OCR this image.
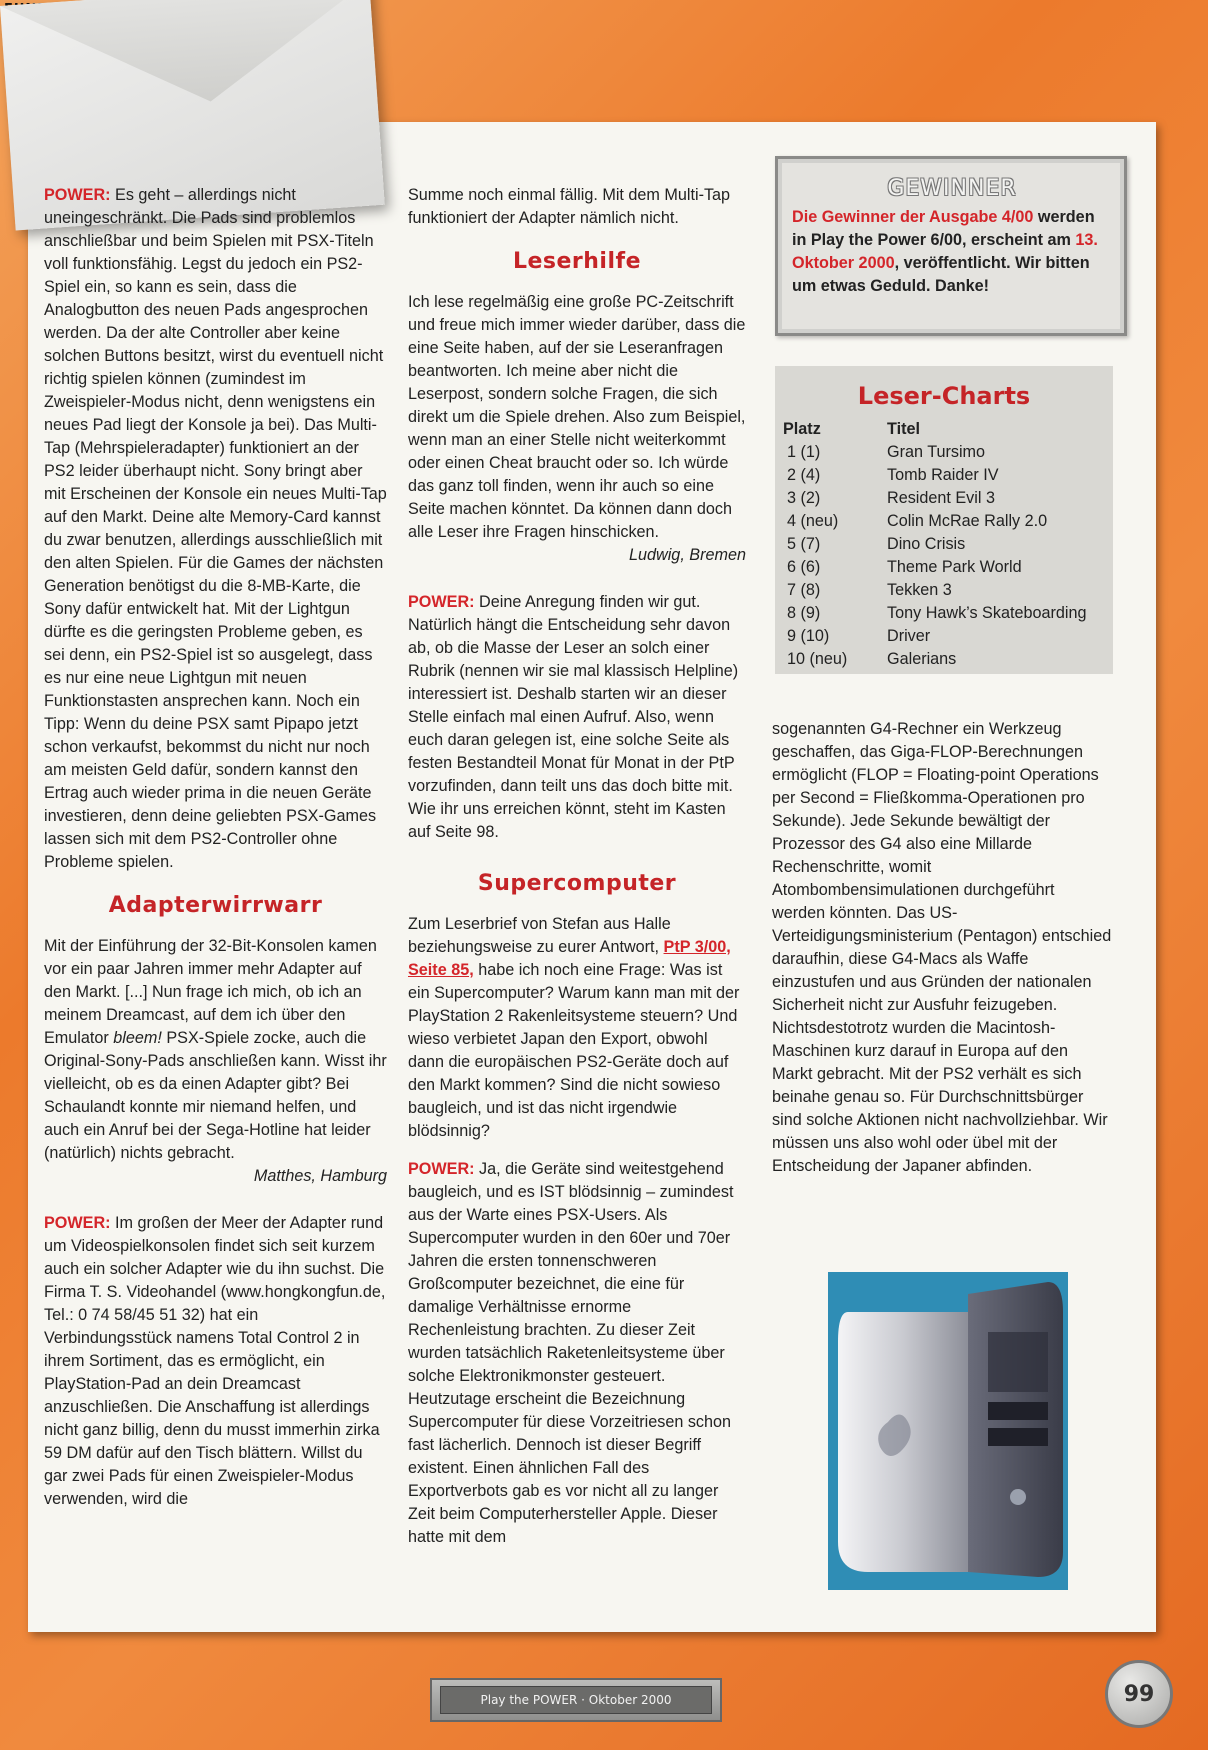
POWER: Es geht – allerdings nicht uneingeschränkt. Die Pads sind problemlos anschließbar und beim Spielen mit PSX-Titeln voll funktionsfähig. Legst du jedoch ein PS2-Spiel ein, so kann es sein, dass die Analogbutton des neuen Pads angesprochen werden. Da der alte Controller aber keine solchen Buttons besitzt, wirst du eventuell nicht richtig spielen können (zumindest im Zweispieler-Modus nicht, denn wenigstens ein neues Pad liegt der Konsole ja bei). Das Multi-Tap (Mehrspieleradapter) funktioniert an der PS2 leider überhaupt nicht. Sony bringt aber mit Erscheinen der Konsole ein neues Multi-Tap auf den Markt. Deine alte Memory-Card kannst du zwar benutzen, allerdings ausschließlich mit den alten Spielen. Für die Games der nächsten Generation benötigst du die 8-MB-Karte, die Sony dafür entwickelt hat. Mit der Lightgun dürfte es die geringsten Probleme geben, es sei denn, ein PS2-Spiel ist so ausgelegt, dass es nur eine neue Lightgun mit neuen Funktionstasten ansprechen kann. Noch ein Tipp: Wenn du deine PSX samt Pipapo jetzt schon verkaufst, bekommst du nicht nur noch am meisten Geld dafür, sondern kannst den Ertrag auch wieder prima in die neuen Geräte investieren, denn deine geliebten PSX-Games lassen sich mit dem PS2-Controller ohne Probleme spielen.

Adapterwirrwarr

Mit der Einführung der 32-Bit-Konsolen kamen vor ein paar Jahren immer mehr Adapter auf den Markt. [...] Nun frage ich mich, ob ich an meinem Dreamcast, auf dem ich über den Emulator bleem! PSX-Spiele zocke, auch die Original-Sony-Pads anschließen kann. Wisst ihr vielleicht, ob es da einen Adapter gibt? Bei Schaulandt konnte mir niemand helfen, und auch ein Anruf bei der Sega-Hotline hat leider (natürlich) nichts gebracht.

Matthes, Hamburg

POWER: Im großen der Meer der Adapter rund um Videospielkonsolen findet sich seit kurzem auch ein solcher Adapter wie du ihn suchst. Die Firma T. S. Videohandel (www.hongkongfun.de, Tel.: 0 74 58/45 51 32) hat ein Verbindungsstück namens Total Control 2 in ihrem Sortiment, das es ermöglicht, ein PlayStation-Pad an dein Dreamcast anzuschließen. Die Anschaffung ist allerdings nicht ganz billig, denn du musst immerhin zirka 59 DM dafür auf den Tisch blättern. Willst du gar zwei Pads für einen Zweispieler-Modus verwenden, wird die

Summe noch einmal fällig. Mit dem Multi-Tap funktioniert der Adapter nämlich nicht.

Leserhilfe

Ich lese regelmäßig eine große PC-Zeitschrift und freue mich immer wieder darüber, dass die eine Seite haben, auf der sie Leseranfragen beantworten. Ich meine aber nicht die Leserpost, sondern solche Fragen, die sich direkt um die Spiele drehen. Also zum Beispiel, wenn man an einer Stelle nicht weiterkommt oder einen Cheat braucht oder so. Ich würde das ganz toll finden, wenn ihr auch so eine Seite machen könntet. Da können dann doch alle Leser ihre Fragen hinschicken.

Ludwig, Bremen

POWER: Deine Anregung finden wir gut. Natürlich hängt die Entscheidung sehr davon ab, ob die Masse der Leser an solch einer Rubrik (nennen wir sie mal klassisch Helpline) interessiert ist. Deshalb starten wir an dieser Stelle einfach mal einen Aufruf. Also, wenn euch daran gelegen ist, eine solche Seite als festen Bestandteil Monat für Monat in der PtP vorzufinden, dann teilt uns das doch bitte mit. Wie ihr uns erreichen könnt, steht im Kasten auf Seite 98.

Supercomputer

Zum Leserbrief von Stefan aus Halle beziehungsweise zu eurer Antwort, PtP 3/00, Seite 85, habe ich noch eine Frage: Was ist ein Supercomputer? Warum kann man mit der PlayStation 2 Rakenleitsysteme steuern? Und wieso verbietet Japan den Export, obwohl dann die europäischen PS2-Geräte doch auf den Markt kommen? Sind die nicht sowieso baugleich, und ist das nicht irgendwie blödsinnig?

POWER: Ja, die Geräte sind weitestgehend baugleich, und es IST blödsinnig – zumindest aus der Warte eines PSX-Users. Als Supercomputer wurden in den 60er und 70er Jahren die ersten tonnenschweren Großcomputer bezeichnet, die eine für damalige Verhältnisse ernorme Rechenleistung brachten. Zu dieser Zeit wurden tatsächlich Raketenleitsysteme über solche Elektronikmonster gesteuert. Heutzutage erscheint die Bezeichnung Supercomputer für diese Vorzeitriesen schon fast lächerlich. Dennoch ist dieser Begriff existent. Einen ähnlichen Fall des Exportverbots gab es vor nicht all zu langer Zeit beim Computerhersteller Apple. Dieser hatte mit dem

GEWINNER
Die Gewinner der Ausgabe 4/00 werden in Play the Power 6/00, erscheint am 13. Oktober 2000, veröffentlicht. Wir bitten um etwas Geduld. Danke!
Leser-Charts
Platz	Titel
1 (1)	Gran Tursimo
2 (4)	Tomb Raider IV
3 (2)	Resident Evil 3
4 (neu)	Colin McRae Rally 2.0
5 (7)	Dino Crisis
6 (6)	Theme Park World
7 (8)	Tekken 3
8 (9)	Tony Hawk’s Skateboarding
9 (10)	Driver
10 (neu)	Galerians

sogenannten G4-Rechner ein Werkzeug geschaffen, das Giga-FLOP-Berechnungen ermöglicht (FLOP = Floating-point Operations per Second = Fließkomma-Operationen pro Sekunde). Jede Sekunde bewältigt der Prozessor des G4 also eine Millarde Rechenschritte, womit Atombombensimulationen durchgeführt werden könnten. Das US-Verteidigungsministerium (Pentagon) entschied daraufhin, diese G4-Macs als Waffe einzustufen und aus Gründen der nationalen Sicherheit nicht zur Ausfuhr feizugeben. Nichtsdestotrotz wurden die Macintosh-Maschinen kurz darauf in Europa auf den Markt gebracht. Mit der PS2 verhält es sich beinahe genau so. Für Durchschnittsbürger sind solche Aktionen nicht nachvollziehbar. Wir müssen uns also wohl oder übel mit der Entscheidung der Japaner abfinden.

Play the POWER · Oktober 2000	99
